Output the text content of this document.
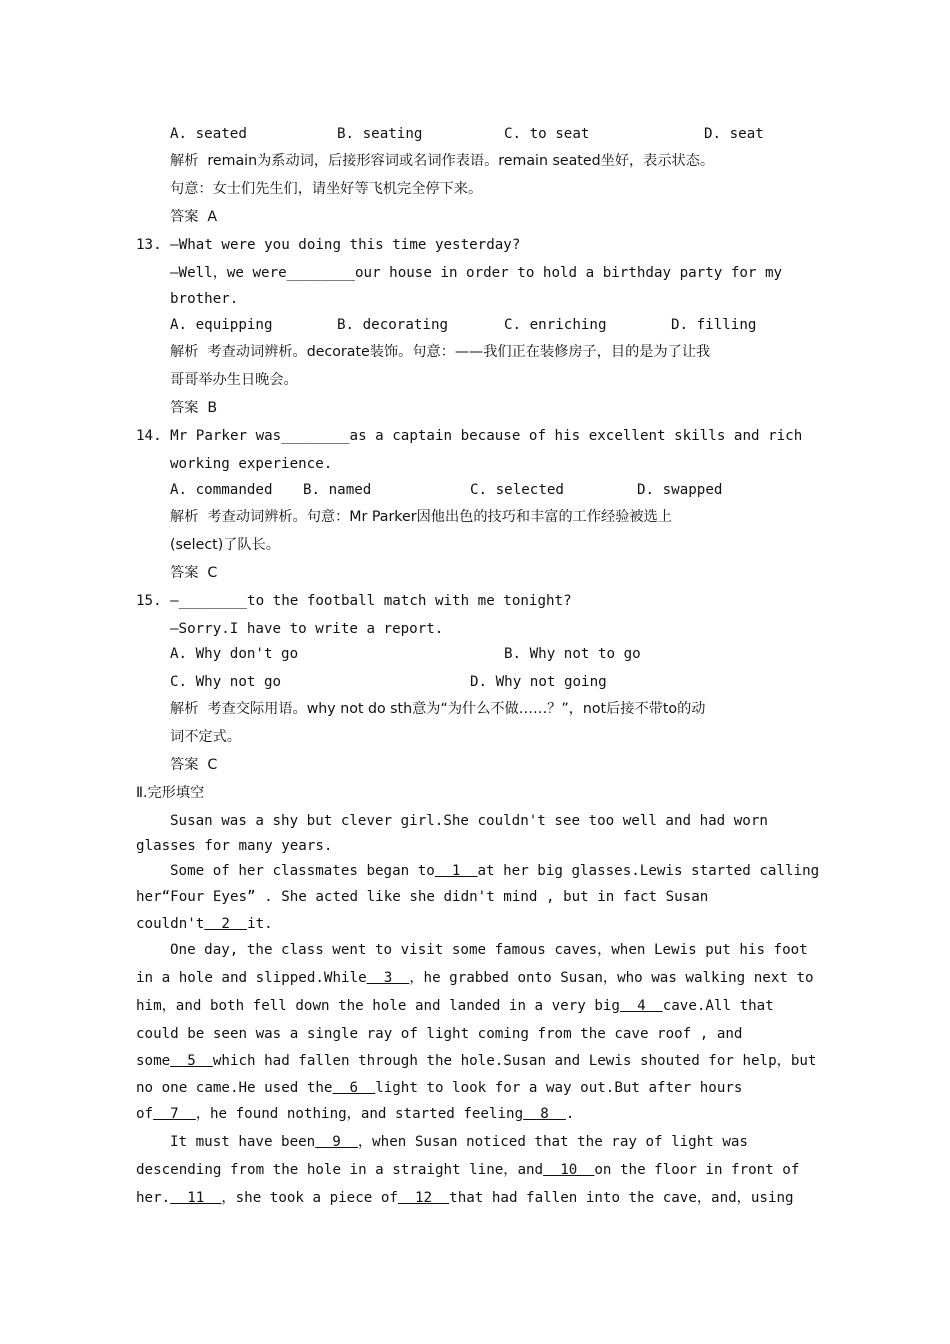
A. seated	B. seating	C. to seat	D. seat
解析  remain为系动词，后接形容词或名词作表语。remain seated坐好，表示状态。
句意：女士们先生们，请坐好等飞机完全停下来。
答案  A
13. —What were you doing this time yesterday?
—Well，we were________our house in order to hold a birthday party for my
brother.
A. equipping	B. decorating	C. enriching	D. filling
解析  考查动词辨析。decorate装饰。句意：——我们正在装修房子，目的是为了让我
哥哥举办生日晚会。
答案  B
14. Mr Parker was________as a captain because of his excellent skills and rich
working experience.
A. commanded B. named	C. selected	D. swapped
解析  考查动词辨析。句意：Mr Parker因他出色的技巧和丰富的工作经验被选上
(select)了队长。
答案  C
15. —________to the football match with me tonight?
—Sorry.I have to write a report.
A. Why don't go	B. Why not to go
C. Why not go	D. Why not going
解析  考查交际用语。why not do sth意为“为什么不做……？”，not后接不带to的动
词不定式。
答案  C
Ⅱ.完形填空
Susan was a shy but clever girl.She couldn't see too well and had worn
glasses for many years.
Some of her classmates began to  1  at her big glasses.Lewis started calling
her“Four Eyes” . She acted like she didn't mind , but in fact Susan
couldn't  2  it.
One day, the class went to visit some famous caves，when Lewis put his foot
in a hole and slipped.While  3  ，he grabbed onto Susan，who was walking next to
him，and both fell down the hole and landed in a very big  4  cave.All that
could be seen was a single ray of light coming from the cave roof , and
some  5  which had fallen through the hole.Susan and Lewis shouted for help，but
no one came.He used the  6  light to look for a way out.But after hours
of  7  ，he found nothing，and started feeling  8  .
It must have been  9  ，when Susan noticed that the ray of light was
descending from the hole in a straight line，and  10  on the floor in front of
her.  11  ，she took a piece of  12  that had fallen into the cave，and，using
